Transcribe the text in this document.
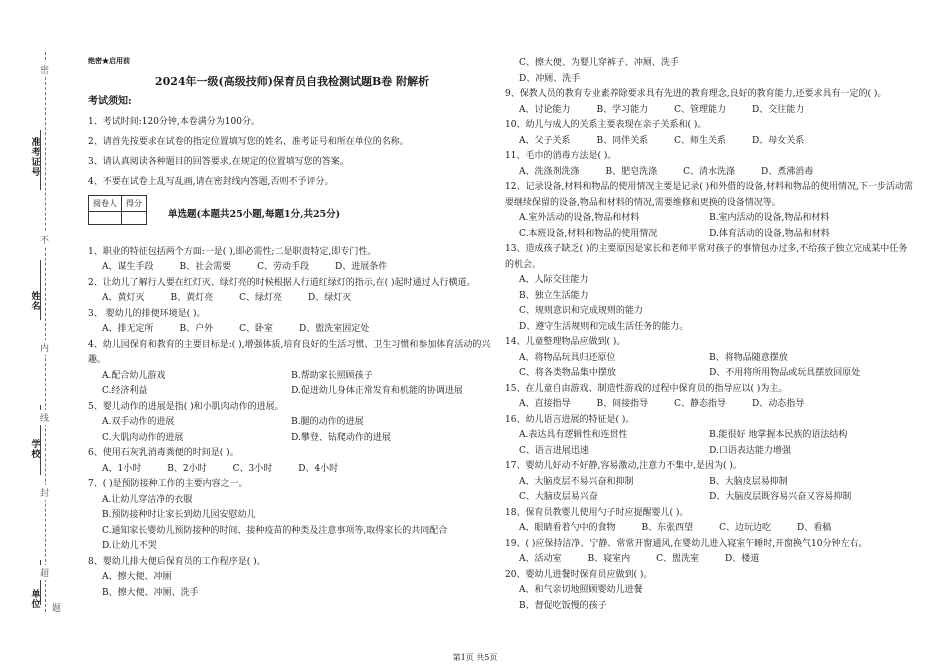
准考证号
姓名
学校
单位
密
不
内
线
封
超
题
绝密★启用前
2024年一级(高级技师)保育员自我检测试题B卷 附解析
考试须知:

1、考试时间:120分钟,本卷满分为100分。

2、请首先按要求在试卷的指定位置填写您的姓名、准考证号和所在单位的名称。

3、请认真阅读各种题目的回答要求,在规定的位置填写您的答案。

4、不要在试卷上乱写乱画,请在密封线内答题,否则不予评分。

阅卷人	得分

单选题(本题共25小题,每题1分,共25分)

1、职业的特征包括两个方面:一是( ),即必需性;二是职责特定,即专门性。

A、谋生手段	B、社会需要	C、劳动手段	D、进展条件

2、让幼儿了解行人要在红灯灭、绿灯亮的时候根据人行道红绿灯的指示,在( )起时通过人行横道。

A、黄灯灭	B、黄灯亮	C、绿灯亮	D、绿灯灭

3、 婴幼儿的排便环境是( )。

A、排无定所	B、户外	C、卧室	D、盥洗室固定处

4、幼儿园保育和教育的主要目标是:( ),增强体质,培育良好的生活习惯、卫生习惯和参加体育活动的兴趣。

A.配合幼儿游戏	B.帮助家长照顾孩子
C.经济利益	D.促进幼儿身体正常发育和机能的协调进展

5、婴儿动作的进展是指( )和小肌肉动作的进展。

A.双手动作的进展	B.腿的动作的进展
C.大肌肉动作的进展	D.攀登、钻爬动作的进展

6、使用石灰乳消毒粪便的时间是( )。

A、1小时	B、2小时	C、3小时	D、4小时

7、( )是预防接种工作的主要内容之一。

A.让幼儿穿洁净的衣服
B.预防接种时让家长到幼儿园安慰幼儿
C.通知家长婴幼儿预防接种的时间、接种疫苗的种类及注意事项等,取得家长的共同配合
D.让幼儿不哭

8、婴幼儿排大便后保育员的工作程序是( )。

A、擦大便、冲厕
B、擦大便、冲厕、洗手
C、擦大便、为婴儿穿裤子、冲厕、洗手
D、冲厕、洗手

9、保教人员的教育专业素养除要求具有先进的教育理念,良好的教育能力,还要求具有一定的( )。

A、讨论能力	B、学习能力	C、管理能力	D、交往能力

10、幼儿与成人的关系主要表现在亲子关系和( )。

A、父子关系	B、同伴关系	C、师生关系	D、母女关系

11、毛巾的消毒方法是( )。

A、洗涤剂洗涤	B、肥皂洗涤	C、清水洗涤	D、煮沸消毒

12、记录设备,材料和物品的使用情况主要是记录( )和外借的设备,材料和物品的使用情况,下一步活动需要继续保留的设备,物品和材料的情况,需要维修和更换的设备情况等。

A.室外活动的设备,物品和材料	B.室内活动的设备,物品和材料
C.本班设备,材料和物品的使用情况	D.体育活动的设备,物品和材料

13、造成孩子缺乏( )的主要原因是家长和老师平常对孩子的事情包办过多,不给孩子独立完成某中任务的机会。

A、人际交往能力
B、独立生活能力
C、规则意识和完成规则的能力
D、遵守生活规则和完成生活任务的能力。

14、儿童整理物品应做到( )。

A、将物品玩具归还原位	B、将物品随意摆放
C、将各类物品集中摆放	D、不用将所用物品或玩具摆放回原处

15、在儿童自由游戏、制造性游戏的过程中保育员的指导应以( )为主。

A、直接指导	B、间接指导	C、静态指导	D、动态指导

16、幼儿语言进展的特征是( )。

A.表达具有逻辑性和连贯性	B.能很好 地掌握本民族的语法结构
C、语言进展迅速	D.口语表达能力增强

17、婴幼儿好动不好静,容易激动,注意力不集中,是因为( )。

A、大脑皮层不易兴奋和抑制	B、大脑皮层易抑制
C、大脑皮层易兴奋	D、大脑皮层既容易兴奋又容易抑制

18、保育员教婴儿使用勺子时应提醒婴儿( )。

A、眼睛看着勺中的食物	B、东张西望	C、边玩边吃	D、看稿

19、( )应保持洁净、宁静、常常开窗通风,在婴幼儿进入寝室午睡时,开窗换气10分钟左右。

A、活动室	B、寝室内	C、盥洗室	D、楼道

20、婴幼儿进餐时保育员应做到( )。

A、和气亲切地照顾婴幼儿进餐
B、督促吃饭慢的孩子
第1页 共5页
